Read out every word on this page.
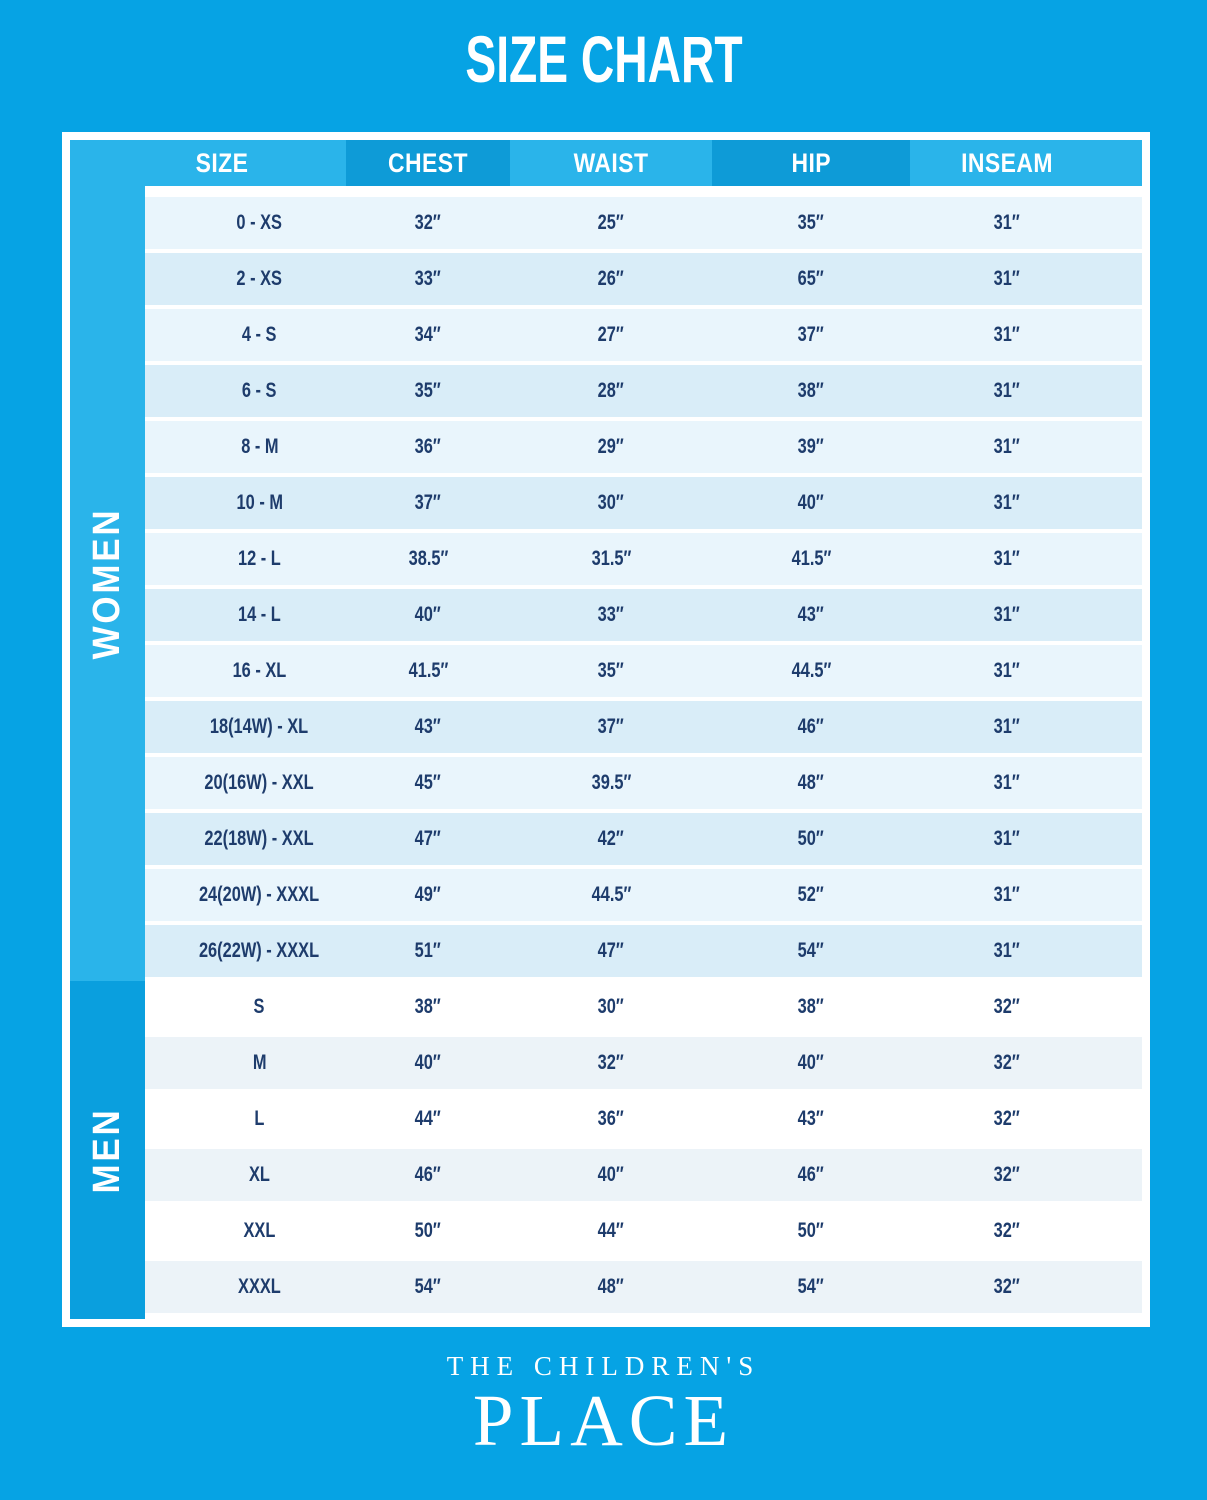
SIZE CHART
SIZE	CHEST	WAIST	HIP	INSEAM
WOMEN
MEN
0 - XS	32″	25″	35″	31″
2 - XS	33″	26″	65″	31″
4 - S	34″	27″	37″	31″
6 - S	35″	28″	38″	31″
8 - M	36″	29″	39″	31″
10 - M	37″	30″	40″	31″
12 - L	38.5″	31.5″	41.5″	31″
14 - L	40″	33″	43″	31″
16 - XL	41.5″	35″	44.5″	31″
18(14W) - XL	43″	37″	46″	31″
20(16W) - XXL	45″	39.5″	48″	31″
22(18W) - XXL	47″	42″	50″	31″
24(20W) - XXXL	49″	44.5″	52″	31″
26(22W) - XXXL	51″	47″	54″	31″
S	38″	30″	38″	32″
M	40″	32″	40″	32″
L	44″	36″	43″	32″
XL	46″	40″	46″	32″
XXL	50″	44″	50″	32″
XXXL	54″	48″	54″	32″
THE CHILDREN'S
PLACE
